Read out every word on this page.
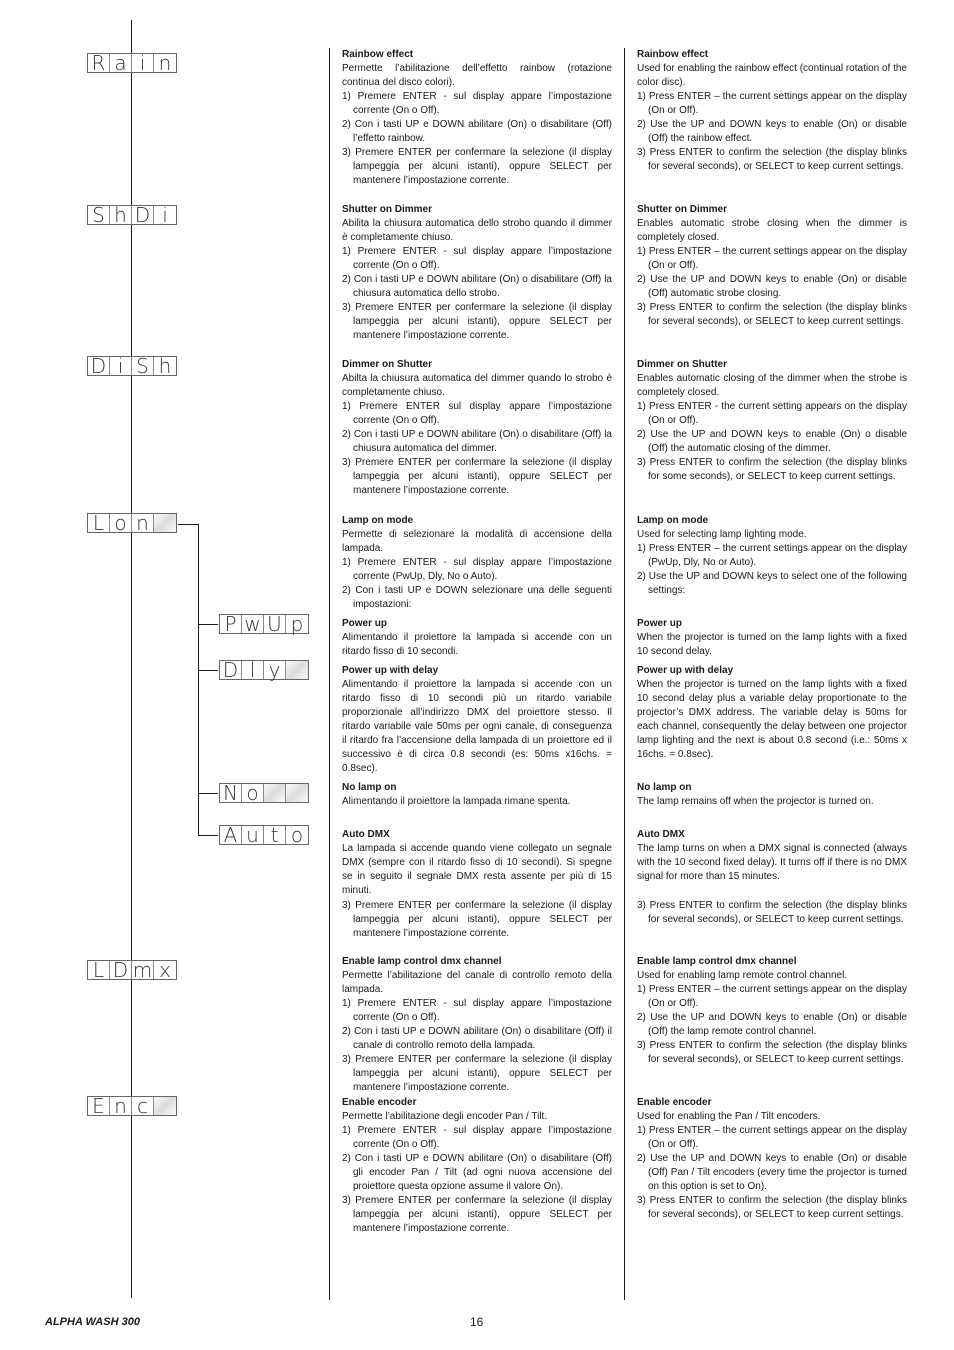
R a i n
S h D i
D i S h
L o n
P w U p
D l y
N o
A u t o
L D m x
E n c
Rainbow effect
Permette l’abilitazione dell’effetto rainbow (rotazione continua del disco colori).
1) Premere ENTER - sul display appare l’impostazione corrente (On o Off).
2) Con i tasti UP e DOWN abilitare (On) o disabilitare (Off) l’effetto rainbow.
3) Premere ENTER per confermare la selezione (il display lampeggia per alcuni istanti), oppure SELECT per mantenere l’impostazione corrente.
Shutter on Dimmer
Abilita la chiusura automatica dello strobo quando il dimmer è completamente chiuso.
1) Premere ENTER - sul display appare l’impostazione corrente (On o Off).
2) Con i tasti UP e DOWN abilitare (On) o disabilitare (Off) la chiusura automatica dello strobo.
3) Premere ENTER per confermare la selezione (il display lampeggia per alcuni istanti), oppure SELECT per mantenere l’impostazione corrente.
Dimmer on Shutter
Abilta la chiusura automatica del dimmer quando lo strobo è completamente chiuso.
1) Premere ENTER sul display appare l’impostazione corrente (On o Off).
2) Con i tasti UP e DOWN abilitare (On) o disabilitare (Off) la chiusura automatica del dimmer.
3) Premere ENTER per confermare la selezione (il display lampeggia per alcuni istanti), oppure SELECT per mantenere l’impostazione corrente.
Lamp on mode
Permette di selezionare la modalità di accensione della lampada.
1) Premere ENTER - sul display appare l’impostazione corrente (PwUp, Dly, No o Auto).
2) Con i tasti UP e DOWN selezionare una delle seguenti impostazioni:
Power up
Alimentando il proiettore la lampada si accende con un ritardo fisso di 10 secondi.
Power up with delay
Alimentando il proiettore la lampada si accende con un ritardo fisso di 10 secondi più un ritardo variabile proporzionale all’indirizzo DMX del proiettore stesso. Il ritardo variabile vale 50ms per ogni canale, di conseguenza il ritardo fra l’accensione della lampada di un proiettore ed il successivo è di circa 0.8 secondi (es: 50ms x16chs. = 0.8sec).
No lamp on
Alimentando il proiettore la lampada rimane spenta.
Auto DMX
La lampada si accende quando viene collegato un segnale DMX (sempre con il ritardo fisso di 10 secondi). Si spegne se in seguito il segnale DMX resta assente per più di 15 minuti.
3) Premere ENTER per confermare la selezione (il display lampeggia per alcuni istanti), oppure SELECT per mantenere l’impostazione corrente.
Enable lamp control dmx channel
Permette l’abilitazione del canale di controllo remoto della lampada.
1) Premere ENTER - sul display appare l’impostazione corrente (On o Off).
2) Con i tasti UP e DOWN abilitare (On) o disabilitare (Off) il canale di controllo remoto della lampada.
3) Premere ENTER per confermare la selezione (il display lampeggia per alcuni istanti), oppure SELECT per mantenere l’impostazione corrente.
Enable encoder
Permette l’abilitazione degli encoder Pan / Tilt.
1) Premere ENTER - sul display appare l’impostazione corrente (On o Off).
2) Con i tasti UP e DOWN abilitare (On) o disabilitare (Off) gli encoder Pan / Tilt (ad ogni nuova accensione del proiettore questa opzione assume il valore On).
3) Premere ENTER per confermare la selezione (il display lampeggia per alcuni istanti), oppure SELECT per mantenere l’impostazione corrente.
Rainbow effect
Used for enabling the rainbow effect (continual rotation of the color disc).
1) Press ENTER – the current settings appear on the display (On or Off).
2) Use the UP and DOWN keys to enable (On) or disable (Off) the rainbow effect.
3) Press ENTER to confirm the selection (the display blinks for several seconds), or SELECT to keep current settings.
Shutter on Dimmer
Enables automatic strobe closing when the dimmer is completely closed.
1) Press ENTER – the current settings appear on the display (On or Off).
2) Use the UP and DOWN keys to enable (On) or disable (Off) automatic strobe closing.
3) Press ENTER to confirm the selection (the display blinks for several seconds), or SELECT to keep current settings.
Dimmer on Shutter
Enables automatic closing of the dimmer when the strobe is completely closed.
1) Press ENTER - the current setting appears on the display (On or Off).
2) Use the UP and DOWN keys to enable (On) o disable (Off) the automatic closing of the dimmer.
3) Press ENTER to confirm the selection (the display blinks for some seconds), or SELECT to keep current settings.
Lamp on mode
Used for selecting lamp lighting mode.
1) Press ENTER – the current settings appear on the display (PwUp, Dly, No or Auto).
2) Use the UP and DOWN keys to select one of the following settings:
Power up
When the projector is turned on the lamp lights with a fixed 10 second delay.
Power up with delay
When the projector is turned on the lamp lights with a fixed 10 second delay plus a variable delay proportionate to the projector’s DMX address. The variable delay is 50ms for each channel, consequently the delay between one projector lamp lighting and the next is about 0.8 second (i.e.: 50ms x 16chs. = 0.8sec).
No lamp on
The lamp remains off when the projector is turned on.
Auto DMX
The lamp turns on when a DMX signal is connected (always with the 10 second fixed delay). It turns off if there is no DMX signal for more than 15 minutes.
3) Press ENTER to confirm the selection (the display blinks for several seconds), or SELECT to keep current settings.
Enable lamp control dmx channel
Used for enabling lamp remote control channel.
1) Press ENTER – the current settings appear on the display (On or Off).
2) Use the UP and DOWN keys to enable (On) or disable (Off) the lamp remote control channel.
3) Press ENTER to confirm the selection (the display blinks for several seconds), or SELECT to keep current settings.
Enable encoder
Used for enabling the Pan / Tilt encoders.
1) Press ENTER – the current settings appear on the display (On or Off).
2) Use the UP and DOWN keys to enable (On) or disable (Off) Pan / Tilt encoders (every time the projector is turned on this option is set to On).
3) Press ENTER to confirm the selection (the display blinks for several seconds), or SELECT to keep current settings.
ALPHA WASH 300	16
